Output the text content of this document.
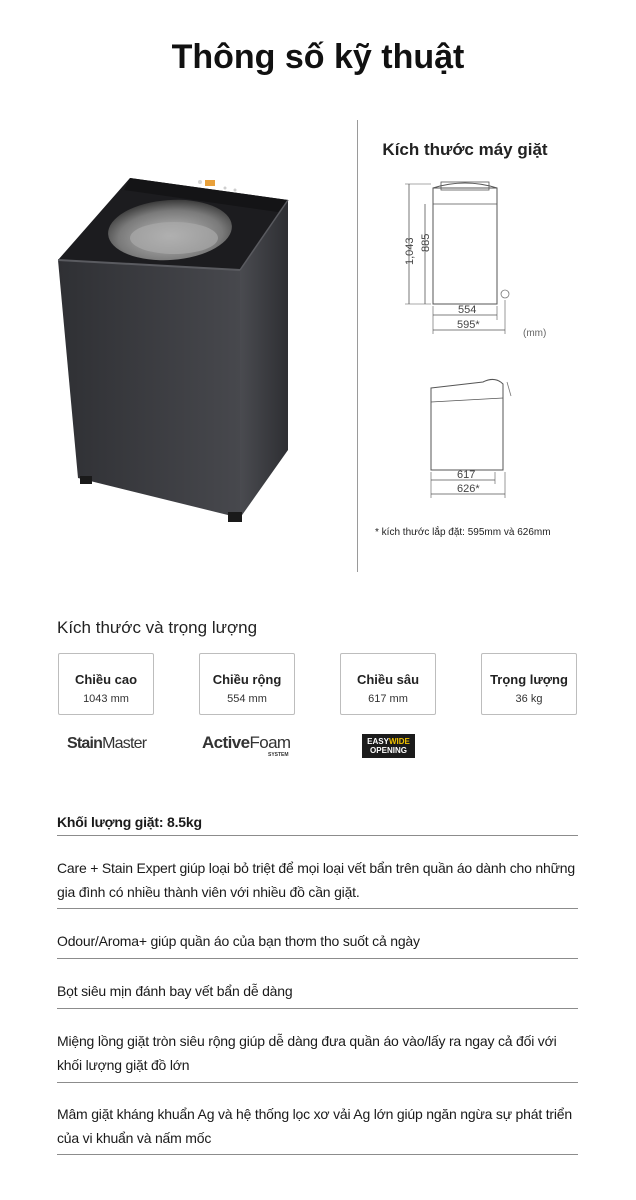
Thông số kỹ thuật
Kích thước máy giặt
1,043 885
554
595*
(mm)
617
626*
* kích thước lắp đặt: 595mm và 626mm
Kích thước và trọng lượng
Chiều cao
1043 mm
Chiều rộng
554 mm
Chiều sâu
617 mm
Trọng lượng
36 kg
StainMaster	ActiveFoam
SYSTEM
EASYWIDE
OPENING
Khối lượng giặt: 8.5kg
Care + Stain Expert giúp loại bỏ triệt để mọi loại vết bẩn trên quần áo dành cho những gia đình có nhiều thành viên với nhiều đồ cần giặt.
Odour/Aroma+ giúp quần áo của bạn thơm tho suốt cả ngày
Bọt siêu mịn đánh bay vết bẩn dễ dàng
Miệng lồng giặt tròn siêu rộng giúp dễ dàng đưa quần áo vào/lấy ra ngay cả đối với khối lượng giặt đồ lớn
Mâm giặt kháng khuẩn Ag và hệ thống lọc xơ vải Ag lớn giúp ngăn ngừa sự phát triển của vi khuẩn và nấm mốc
